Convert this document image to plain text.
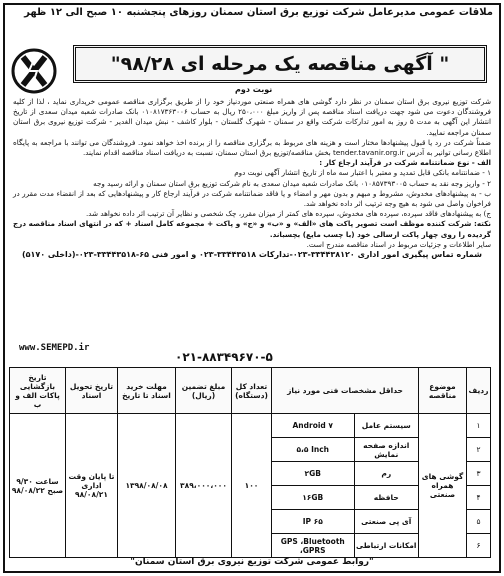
ملاقات عمومی مدیرعامل شرکت توزیع برق استان سمنان روزهای پنجشنبه ۱۰ صبح الی ۱۲ ظهر
" آگهی مناقصه یک مرحله ای ۹۸/۲۸"
نوبت دوم

شرکت توزیع نیروی برق استان سمنان در نظر دارد گوشی های همراه صنعتی موردنیاز خود را از طریق برگزاری مناقصه عمومی خریداری نماید ، لذا از کلیه فروشندگان دعوت می شود جهت دریافت اسناد مناقصه پس از واریز مبلغ ۲۵۰،۰۰۰ ریال به حساب ۰۱۰۸۱۷۳۶۳۰۰۶ بانک صادرات شعبه میدان سعدی از تاریخ انتشار این آگهی به مدت ۵ روز به امور تدارکات شرکت واقع در سمنان - شهرک گلستان - بلوار کاشف - نبش میدان الغدیر - شرکت توزیع نیروی برق استان سمنان مراجعه نمایید.

ضمناً شرکت در رد یا قبول پیشنهادها مختار است و هزینه های مربوط به برگزاری مناقصه را از برنده اخذ خواهد نمود. فروشندگان می توانند با مراجعه به پایگاه اطلاع رسانی توانیر به آدرس tender.tavanir.org.ir بخش مناقصه/توزیع برق استان سمنان، نسبت به دریافت اسناد مناقصه اقدام نمایند.

الف - نوع ضمانتنامه شرکت در فرآیند ارجاع کار :

۱ - ضمانتنامه بانکی قابل تمدید و معتبر با اعتبار سه ماه از تاریخ انتشار آگهی نوبت دوم

۲ - واریز وجه نقد به حساب ۰۱۰۸۵۷۳۹۳۰۰۵ بانک صادرات شعبه میدان سعدی به نام شرکت توزیع برق استان سمنان و ارائه رسید وجه

ب - به پیشنهادهای مخدوش، مشروط و مبهم و بدون مهر و امضاء و یا فاقد ضمانتنامه شرکت در فرآیند ارجاع کار و پیشنهادهایی که بعد از انقضاء مدت مقرر در فراخوان واصل می شود به هیچ وجه ترتیب اثر داده نخواهد شد.

ج) به پیشنهادهای فاقد سپرده، سپرده های مخدوش، سپرده های کمتر از میزان مقرر، چک شخصی و نظایر آن ترتیب اثر داده نخواهد شد.

نکته: شرکت کننده موظف است تصویر پاکت های «الف» و «ب» و «ج» و پاکت + مجموعه کامل اسناد + که در انتهای اسناد مناقصه درج گردیده را روی چهار پاکت ارسالی خود (با چسب مایع) بچسباند.

سایر اطلاعات و جزئیات مربوط در اسناد مناقصه مندرج است.

شماره تماس پیگیری امور اداری ۳۳۴۴۳۸۱۲۰-۰۲۳-تدارکات ۳۳۴۴۳۵۱۸-۰۲۳ و امور فنی ۶۵-۳۳۴۴۳۵۱۸-۰۲۳-(داخلی ۵۱۷۰)

www.SEMEPD.ir
۰۲۱-۸۸۳۴۹۶۷۰-۵
ردیف	موضوع مناقصه	حداقل مشخصات فنی مورد نیاز		تعداد کل (دستگاه)	مبلغ تضمین (ریال)	مهلت خرید اسناد تا تاریخ	تاریخ تحویل اسناد	تاریخ بازگشایی پاکات الف و ب
۱	گوشی های همراه صنعتی	سیستم عامل	Android ۷	۱۰۰	۳۸۹،۰۰۰،۰۰۰	۱۳۹۸/۰۸/۰۸	تا پایان وقت اداری ۹۸/۰۸/۲۱	ساعت ۹/۳۰ صبح ۹۸/۰۸/۲۲
۲		اندازه صفحه نمایش	۵،۵ Inch					
۳		رم	۲GB					
۴		حافظه	۱۶GB					
۵		آی پی صنعتی	IP ۶۵					
۶		امکانات ارتباطی	GPS ،Bluetooth ،GPRS					
"روابط عمومی شرکت توزیع نیروی برق استان سمنان"
